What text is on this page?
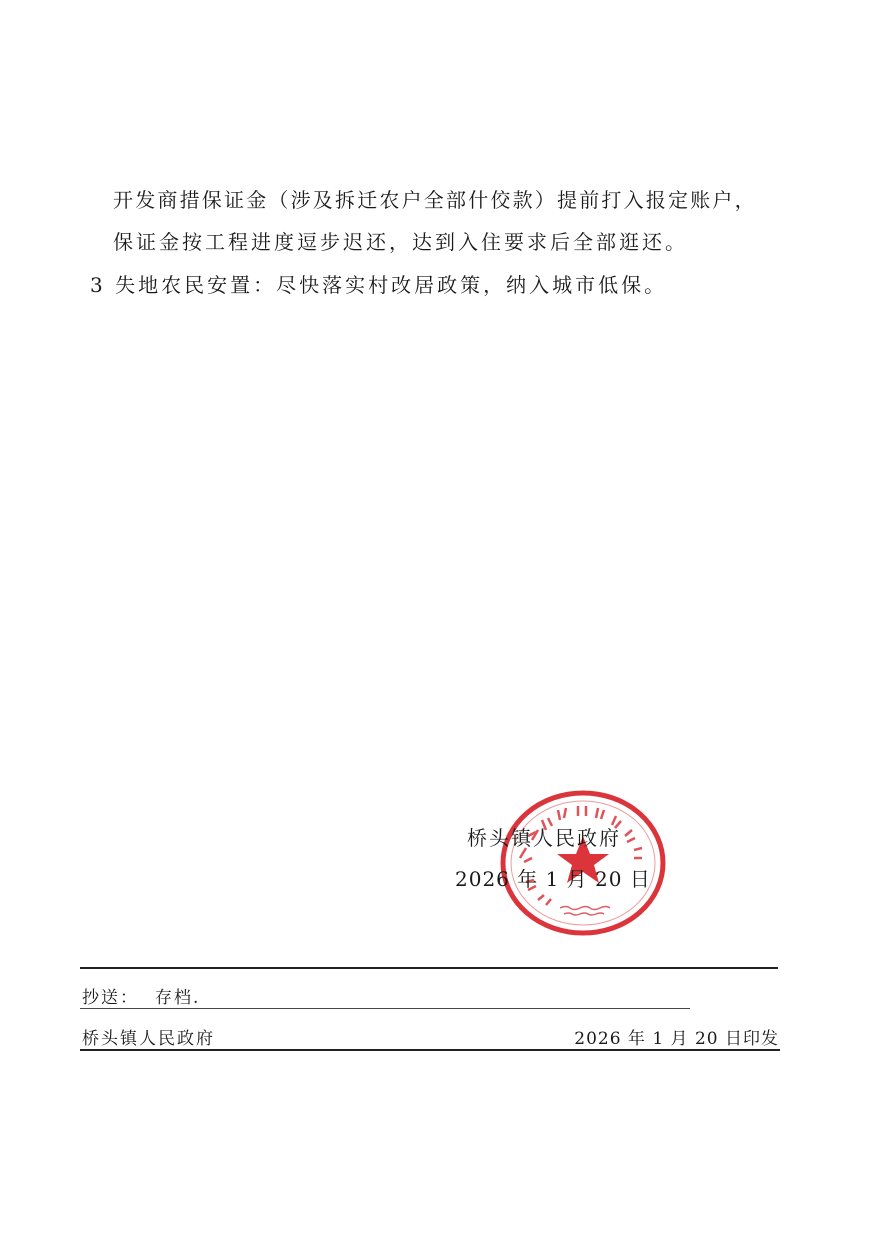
开发商措保证金（涉及拆迁农户全部什佼款）提前打入报定账户，
保证金按工程进度逗步迟还，达到入住要求后全部逛还。
3 失地农民安置：尽快落实村改居政策，纳入城市低保。
桥头镇人民政府
2026 年 1 月 20 日
抄送： 存档.
桥头镇人民政府	2026 年 1 月 20 日印发
